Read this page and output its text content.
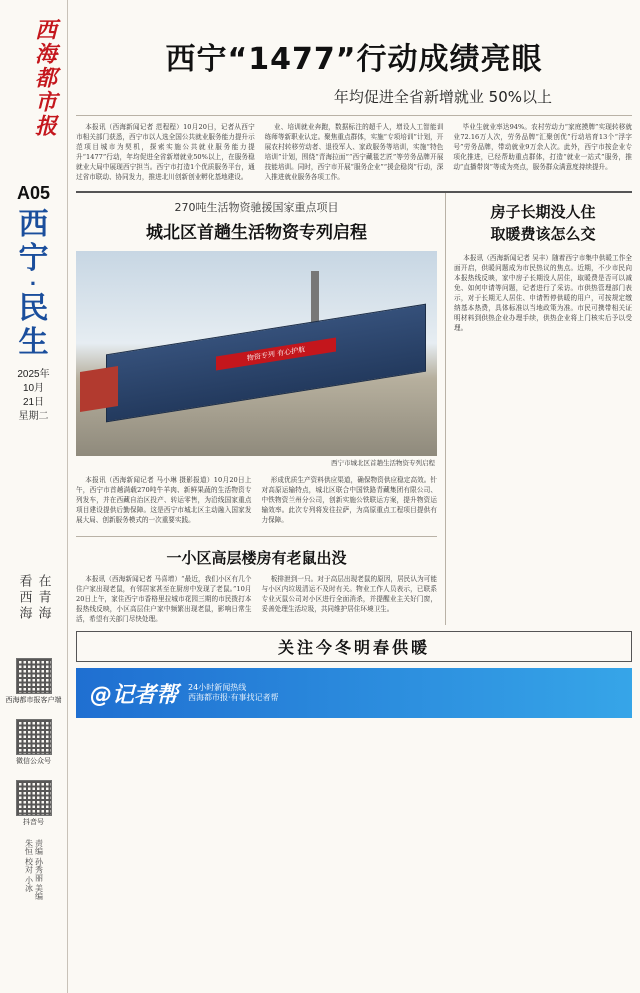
西海都市报
A05
西宁
·
民生
2025年
10月
21日
星期二
在青海 看西海
西海都市报客户端
微信公众号
抖音号
责编 孙秀丽 美编 朱恒 校对 小冰
西宁“1477”行动成绩亮眼
年均促进全省新增就业 50%以上

本报讯（西海新闻记者 范程程）10月20日，记者从西宁市相关部门获悉，西宁市以人选全国公共就业服务能力提升示范项目城市为契机，探索实施公共就业服务能力提升“1477”行动，年均促进全省新增就业50%以上，在服务稳就业大局中展现西宁担当。西宁市打造1个优质服务平台，通过省市联动、协同发力，推进北川创新创业孵化基地建设。

业、培训就业奔跑，数据标注的超千人，增设人工智能训练师等新职业认定。聚焦重点群体，实施“专项培训”计划，开展农村转移劳动者、退役军人、家政服务等培训，实施“特色培训”计划，围绕“青海拉面”“西宁藏毯艺匠”等劳务品牌开展技能培训。同时，西宁市开展“服务企业”“援企稳岗”行动，深入推进就业服务各项工作。

毕业生就业率达94%。农村劳动力“家庭摸牌”实现转移就业72.16万人次，劳务品牌“汇聚创优”行动培育13个“浮字号”劳务品牌，带动就业9万余人次。此外，西宁市按企业专项化推进，已经帮助重点群体，打造“就业一站式”服务，推动“直播带岗”等成为亮点，服务群众满意度持续提升。

270吨生活物资驰援国家重点项目
城北区首趟生活物资专列启程
物资专列 有心护航
西宁市城北区首趟生活物资专列启程

本报讯（西海新闻记者 马小琳 摄影报道）10月20日上午，西宁市首趟满载270吨牛羊肉、新鲜果蔬的生活物资专列发车，并在西藏自治区投产、转运零售，为沿线国家重点项目建设提供后勤保障。这是西宁市城北区主动融入国家发展大局、创新服务模式的一次重要实践。

形成优质生产资料供应渠道，确保物资供应稳定高效。针对高原运输特点，城北区联合中国铁路青藏集团有限公司、中铁物资兰州分公司，创新实施公铁联运方案，提升物资运输效率。此次专列将发往拉萨，为高原重点工程项目提供有力保障。

一小区高层楼房有老鼠出没

本报讯（西海新闻记者 马喜增）“最近，我们小区有几个住户家出现老鼠，有邻居家甚至在厨房中发现了老鼠。”10月20日上午，家住西宁市香格里拉城市花园三期的市民拨打本报热线反映，小区高层住户家中频繁出现老鼠，影响日常生活，希望有关部门尽快处理。

板排泄到一只。对于高层出现老鼠的原因，居民认为可能与小区内垃圾清运不及时有关。物业工作人员表示，已联系专业灭鼠公司对小区进行全面消杀，并提醒业主关好门窗，妥善处理生活垃圾，共同维护居住环境卫生。

房子长期没人住
取暖费该怎么交

本报讯（西海新闻记者 吴丰）随着西宁市集中供暖工作全面开启，供暖问题成为市民热议的焦点。近期，不少市民向本报热线反映，家中房子长期没人居住，取暖费是否可以减免、如何申请等问题，记者进行了采访。市供热管理部门表示，对于长期无人居住、申请暂停供暖的用户，可按规定缴纳基本热费，具体标准以当地政策为准。市民可携带相关证明材料到供热企业办理手续，供热企业将上门核实后予以受理。

关注今冬明春供暖
@记者帮 24小时新闻热线
西海都市报·有事找记者帮
